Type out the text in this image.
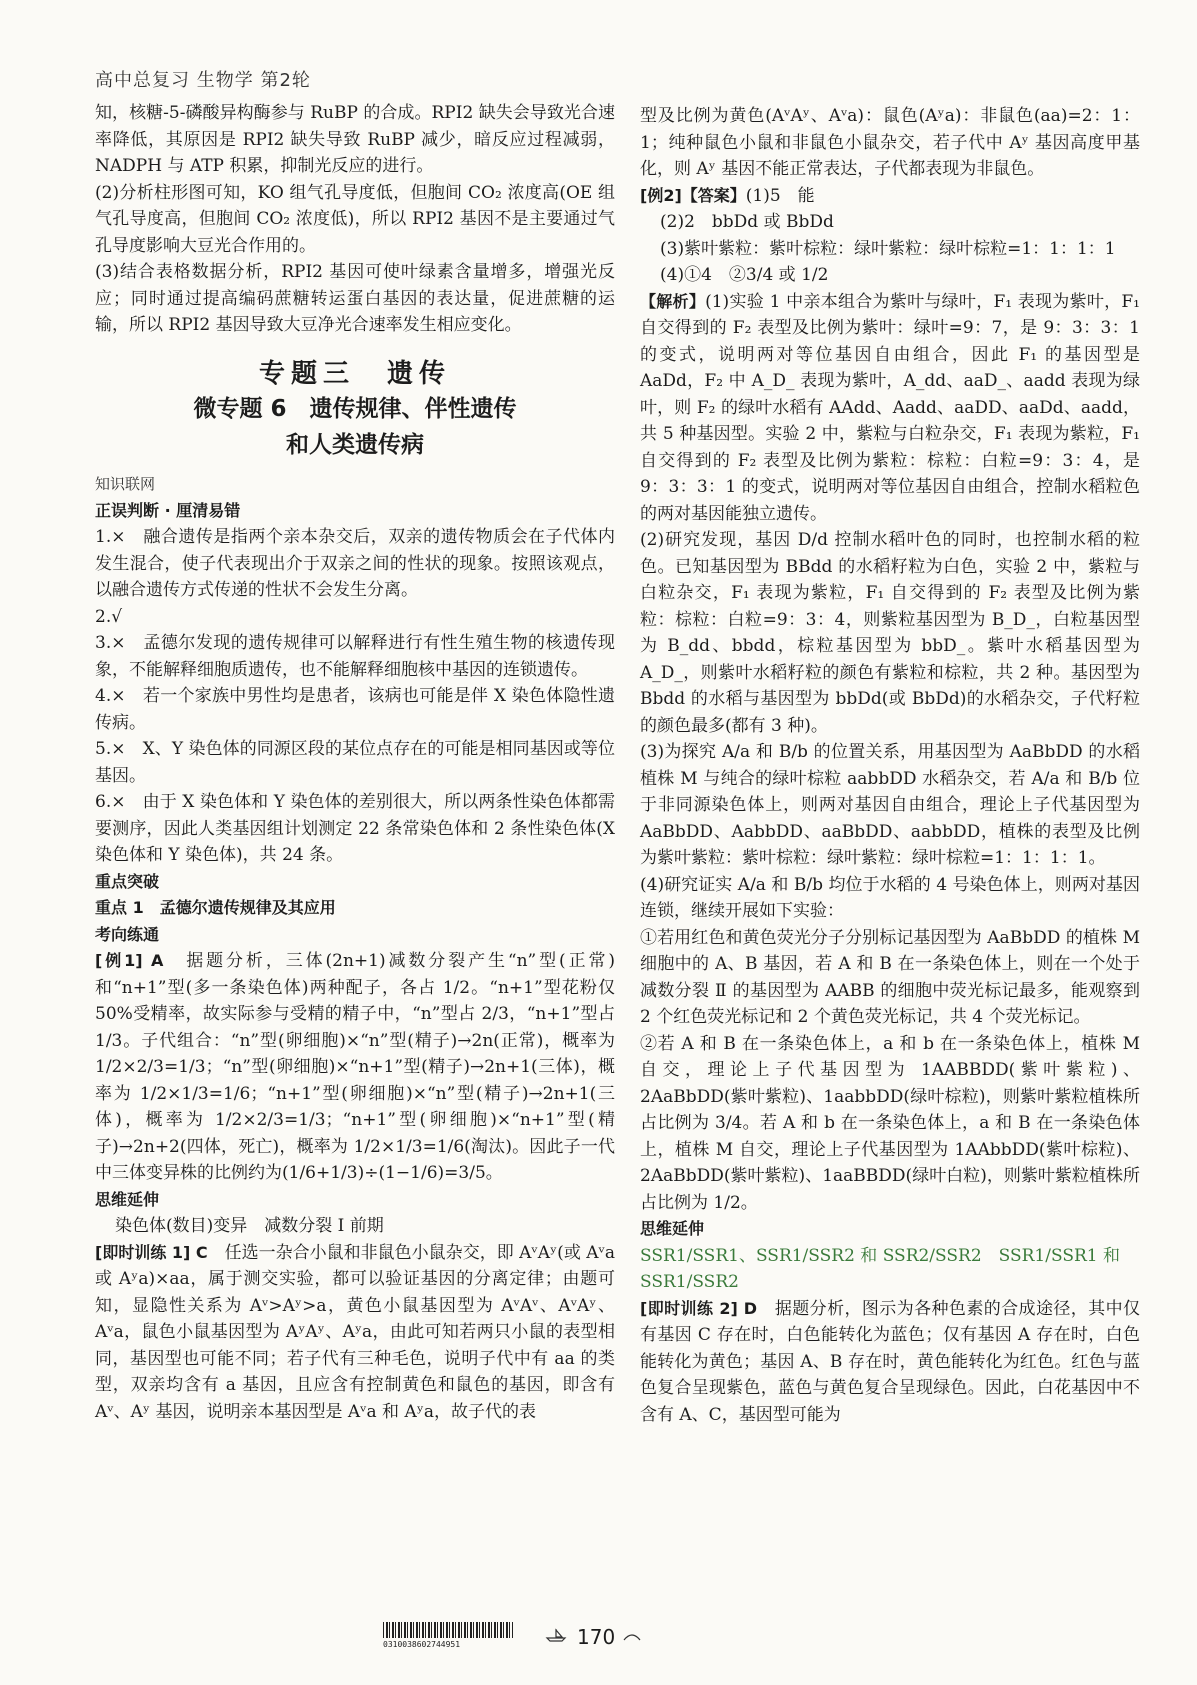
高中总复习 生物学 第2轮

知，核糖-5-磷酸异构酶参与 RuBP 的合成。RPI2 缺失会导致光合速率降低，其原因是 RPI2 缺失导致 RuBP 减少，暗反应过程减弱，NADPH 与 ATP 积累，抑制光反应的进行。

(2)分析柱形图可知，KO 组气孔导度低，但胞间 CO₂ 浓度高(OE 组气孔导度高，但胞间 CO₂ 浓度低)，所以 RPI2 基因不是主要通过气孔导度影响大豆光合作用的。

(3)结合表格数据分析，RPI2 基因可使叶绿素含量增多，增强光反应；同时通过提高编码蔗糖转运蛋白基因的表达量，促进蔗糖的运输，所以 RPI2 基因导致大豆净光合速率发生相应变化。

专题三　遗传

微专题 6　遗传规律、伴性遗传

和人类遗传病

知识联网
正误判断 · 厘清易错

1.×　融合遗传是指两个亲本杂交后，双亲的遗传物质会在子代体内发生混合，使子代表现出介于双亲之间的性状的现象。按照该观点，以融合遗传方式传递的性状不会发生分离。

2.√

3.×　孟德尔发现的遗传规律可以解释进行有性生殖生物的核遗传现象，不能解释细胞质遗传，也不能解释细胞核中基因的连锁遗传。

4.×　若一个家族中男性均是患者，该病也可能是伴 X 染色体隐性遗传病。

5.×　X、Y 染色体的同源区段的某位点存在的可能是相同基因或等位基因。

6.×　由于 X 染色体和 Y 染色体的差别很大，所以两条性染色体都需要测序，因此人类基因组计划测定 22 条常染色体和 2 条性染色体(X 染色体和 Y 染色体)，共 24 条。

重点突破
重点 1　孟德尔遗传规律及其应用
考向练通

[例1] A　据题分析，三体(2n+1)减数分裂产生“n”型(正常)和“n+1”型(多一条染色体)两种配子，各占 1/2。“n+1”型花粉仅 50%受精率，故实际参与受精的精子中，“n”型占 2/3，“n+1”型占 1/3。子代组合：“n”型(卵细胞)×“n”型(精子)→2n(正常)，概率为 1/2×2/3=1/3；“n”型(卵细胞)×“n+1”型(精子)→2n+1(三体)，概率为 1/2×1/3=1/6；“n+1”型(卵细胞)×“n”型(精子)→2n+1(三体)，概率为 1/2×2/3=1/3；“n+1”型(卵细胞)×“n+1”型(精子)→2n+2(四体，死亡)，概率为 1/2×1/3=1/6(淘汰)。因此子一代中三体变异株的比例约为(1/6+1/3)÷(1−1/6)=3/5。

思维延伸

染色体(数目)变异　减数分裂 Ⅰ 前期

[即时训练 1] C　任选一杂合小鼠和非鼠色小鼠杂交，即 AᵛAʸ(或 Aᵛa 或 Aʸa)×aa，属于测交实验，都可以验证基因的分离定律；由题可知，显隐性关系为 Aᵛ>Aʸ>a，黄色小鼠基因型为 AᵛAᵛ、AᵛAʸ、Aᵛa，鼠色小鼠基因型为 AʸAʸ、Aʸa，由此可知若两只小鼠的表型相同，基因型也可能不同；若子代有三种毛色，说明子代中有 aa 的类型，双亲均含有 a 基因，且应含有控制黄色和鼠色的基因，即含有 Aᵛ、Aʸ 基因，说明亲本基因型是 Aᵛa 和 Aʸa，故子代的表

型及比例为黄色(AᵛAʸ、Aᵛa)：鼠色(Aʸa)：非鼠色(aa)=2：1：1；纯种鼠色小鼠和非鼠色小鼠杂交，若子代中 Aʸ 基因高度甲基化，则 Aʸ 基因不能正常表达，子代都表现为非鼠色。

[例2]【答案】(1)5　能

(2)2　bbDd 或 BbDd

(3)紫叶紫粒：紫叶棕粒：绿叶紫粒：绿叶棕粒=1：1：1：1

(4)①4　②3/4 或 1/2

【解析】(1)实验 1 中亲本组合为紫叶与绿叶，F₁ 表现为紫叶，F₁ 自交得到的 F₂ 表型及比例为紫叶：绿叶=9：7，是 9：3：3：1 的变式，说明两对等位基因自由组合，因此 F₁ 的基因型是 AaDd，F₂ 中 A_D_ 表现为紫叶，A_dd、aaD_、aadd 表现为绿叶，则 F₂ 的绿叶水稻有 AAdd、Aadd、aaDD、aaDd、aadd，共 5 种基因型。实验 2 中，紫粒与白粒杂交，F₁ 表现为紫粒，F₁ 自交得到的 F₂ 表型及比例为紫粒：棕粒：白粒=9：3：4，是 9：3：3：1 的变式，说明两对等位基因自由组合，控制水稻粒色的两对基因能独立遗传。

(2)研究发现，基因 D/d 控制水稻叶色的同时，也控制水稻的粒色。已知基因型为 BBdd 的水稻籽粒为白色，实验 2 中，紫粒与白粒杂交，F₁ 表现为紫粒，F₁ 自交得到的 F₂ 表型及比例为紫粒：棕粒：白粒=9：3：4，则紫粒基因型为 B_D_，白粒基因型为 B_dd、bbdd，棕粒基因型为 bbD_。紫叶水稻基因型为 A_D_，则紫叶水稻籽粒的颜色有紫粒和棕粒，共 2 种。基因型为 Bbdd 的水稻与基因型为 bbDd(或 BbDd)的水稻杂交，子代籽粒的颜色最多(都有 3 种)。

(3)为探究 A/a 和 B/b 的位置关系，用基因型为 AaBbDD 的水稻植株 M 与纯合的绿叶棕粒 aabbDD 水稻杂交，若 A/a 和 B/b 位于非同源染色体上，则两对基因自由组合，理论上子代基因型为 AaBbDD、AabbDD、aaBbDD、aabbDD，植株的表型及比例为紫叶紫粒：紫叶棕粒：绿叶紫粒：绿叶棕粒=1：1：1：1。

(4)研究证实 A/a 和 B/b 均位于水稻的 4 号染色体上，则两对基因连锁，继续开展如下实验：

①若用红色和黄色荧光分子分别标记基因型为 AaBbDD 的植株 M 细胞中的 A、B 基因，若 A 和 B 在一条染色体上，则在一个处于减数分裂 Ⅱ 的基因型为 AABB 的细胞中荧光标记最多，能观察到 2 个红色荧光标记和 2 个黄色荧光标记，共 4 个荧光标记。

②若 A 和 B 在一条染色体上，a 和 b 在一条染色体上，植株 M 自交，理论上子代基因型为 1AABBDD(紫叶紫粒)、2AaBbDD(紫叶紫粒)、1aabbDD(绿叶棕粒)，则紫叶紫粒植株所占比例为 3/4。若 A 和 b 在一条染色体上，a 和 B 在一条染色体上，植株 M 自交，理论上子代基因型为 1AAbbDD(紫叶棕粒)、2AaBbDD(紫叶紫粒)、1aaBBDD(绿叶白粒)，则紫叶紫粒植株所占比例为 1/2。

思维延伸

SSR1/SSR1、SSR1/SSR2 和 SSR2/SSR2　SSR1/SSR1 和

SSR1/SSR2

[即时训练 2] D　据题分析，图示为各种色素的合成途径，其中仅有基因 C 存在时，白色能转化为蓝色；仅有基因 A 存在时，白色能转化为黄色；基因 A、B 存在时，黄色能转化为红色。红色与蓝色复合呈现紫色，蓝色与黄色复合呈现绿色。因此，白花基因中不含有 A、C，基因型可能为

0310038602744951	170
